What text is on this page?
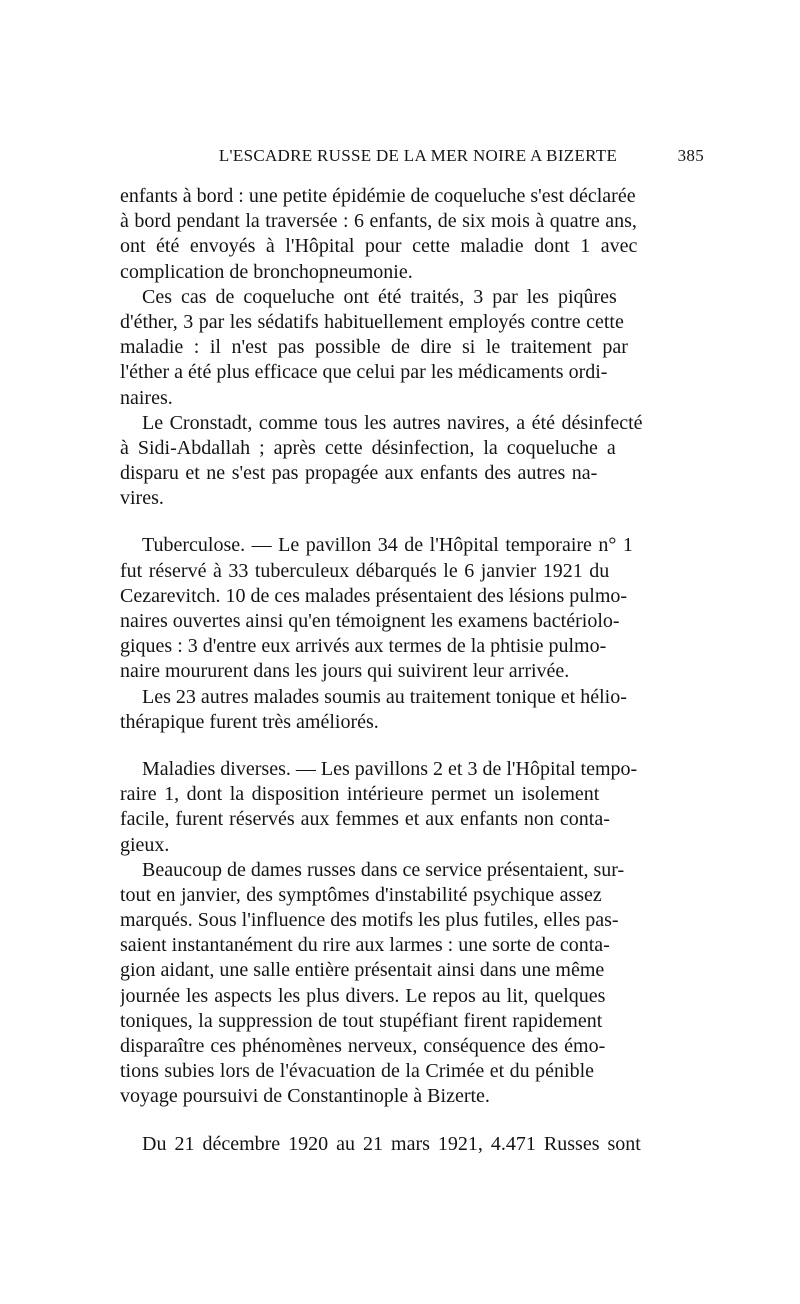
L'ESCADRE RUSSE DE LA MER NOIRE A BIZERTE	385
enfants à bord : une petite épidémie de coqueluche s'est déclarée
à bord pendant la traversée : 6 enfants, de six mois à quatre ans,
ont été envoyés à l'Hôpital pour cette maladie dont 1 avec
complication de bronchopneumonie.
Ces cas de coqueluche ont été traités, 3 par les piqûres
d'éther, 3 par les sédatifs habituellement employés contre cette
maladie : il n'est pas possible de dire si le traitement par
l'éther a été plus efficace que celui par les médicaments ordi-
naires.
Le Cronstadt, comme tous les autres navires, a été désinfecté
à Sidi-Abdallah ; après cette désinfection, la coqueluche a
disparu et ne s'est pas propagée aux enfants des autres na-
vires.
Tuberculose. — Le pavillon 34 de l'Hôpital temporaire n° 1
fut réservé à 33 tuberculeux débarqués le 6 janvier 1921 du
Cezarevitch. 10 de ces malades présentaient des lésions pulmo-
naires ouvertes ainsi qu'en témoignent les examens bactériolo-
giques : 3 d'entre eux arrivés aux termes de la phtisie pulmo-
naire moururent dans les jours qui suivirent leur arrivée.
Les 23 autres malades soumis au traitement tonique et hélio-
thérapique furent très améliorés.
Maladies diverses. — Les pavillons 2 et 3 de l'Hôpital tempo-
raire 1, dont la disposition intérieure permet un isolement
facile, furent réservés aux femmes et aux enfants non conta-
gieux.
Beaucoup de dames russes dans ce service présentaient, sur-
tout en janvier, des symptômes d'instabilité psychique assez
marqués. Sous l'influence des motifs les plus futiles, elles pas-
saient instantanément du rire aux larmes : une sorte de conta-
gion aidant, une salle entière présentait ainsi dans une même
journée les aspects les plus divers. Le repos au lit, quelques
toniques, la suppression de tout stupéfiant firent rapidement
disparaître ces phénomènes nerveux, conséquence des émo-
tions subies lors de l'évacuation de la Crimée et du pénible
voyage poursuivi de Constantinople à Bizerte.
Du 21 décembre 1920 au 21 mars 1921, 4.471 Russes sont
